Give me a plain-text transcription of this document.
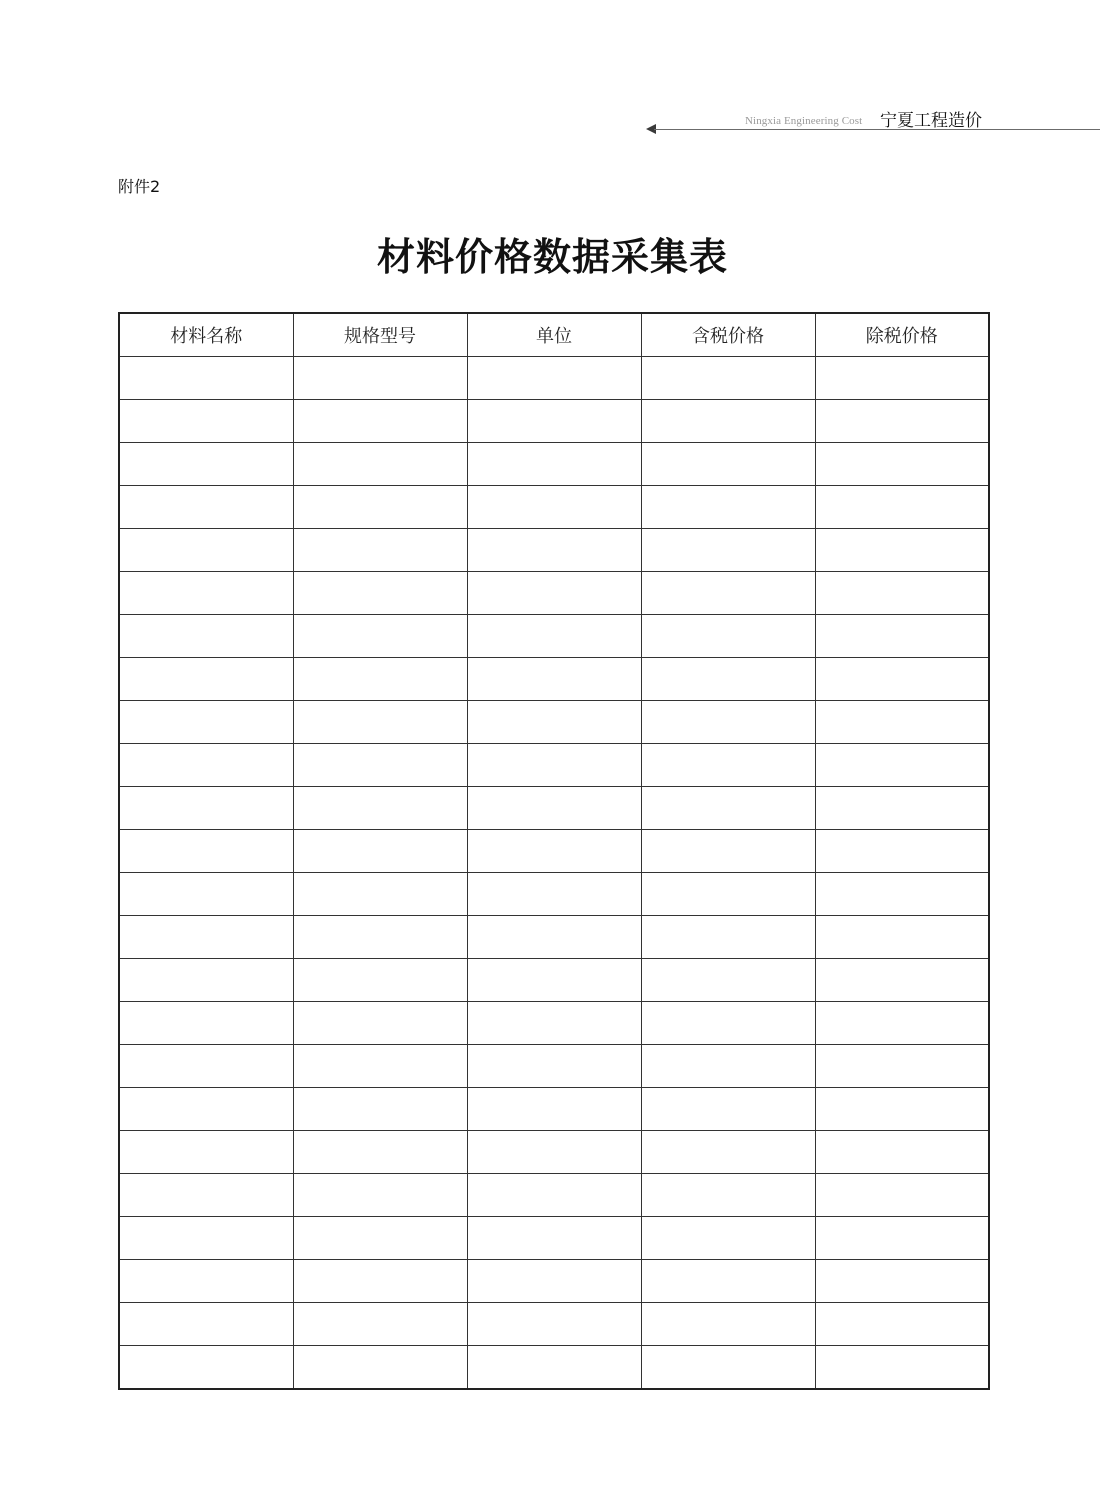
Ningxia Engineering Cost 宁夏工程造价
附件2
材料价格数据采集表
材料名称	规格型号	单位	含税价格	除税价格
